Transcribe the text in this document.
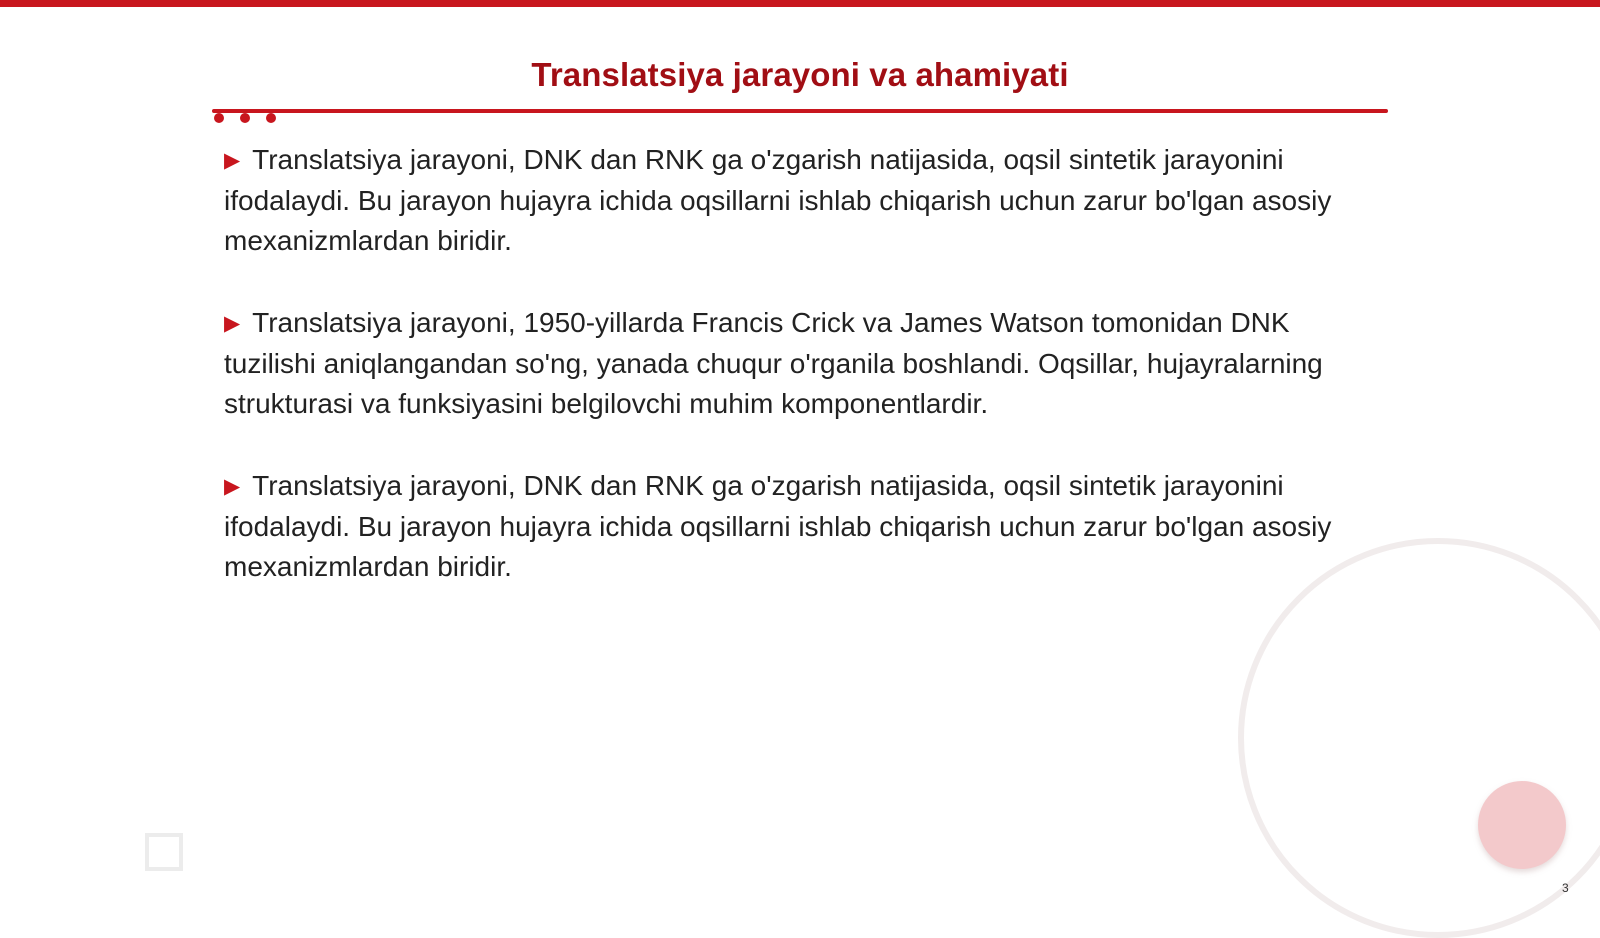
Translatsiya jarayoni va ahamiyati
▶ Translatsiya jarayoni, DNK dan RNK ga o'zgarish natijasida, oqsil sintetik jarayonini ifodalaydi. Bu jarayon hujayra ichida oqsillarni ishlab chiqarish uchun zarur bo'lgan asosiy mexanizmlardan biridir.
▶ Translatsiya jarayoni, 1950-yillarda Francis Crick va James Watson tomonidan DNK tuzilishi aniqlangandan so'ng, yanada chuqur o'rganila boshlandi. Oqsillar, hujayralarning strukturasi va funksiyasini belgilovchi muhim komponentlardir.
▶ Translatsiya jarayoni, DNK dan RNK ga o'zgarish natijasida, oqsil sintetik jarayonini ifodalaydi. Bu jarayon hujayra ichida oqsillarni ishlab chiqarish uchun zarur bo'lgan asosiy mexanizmlardan biridir.
3
